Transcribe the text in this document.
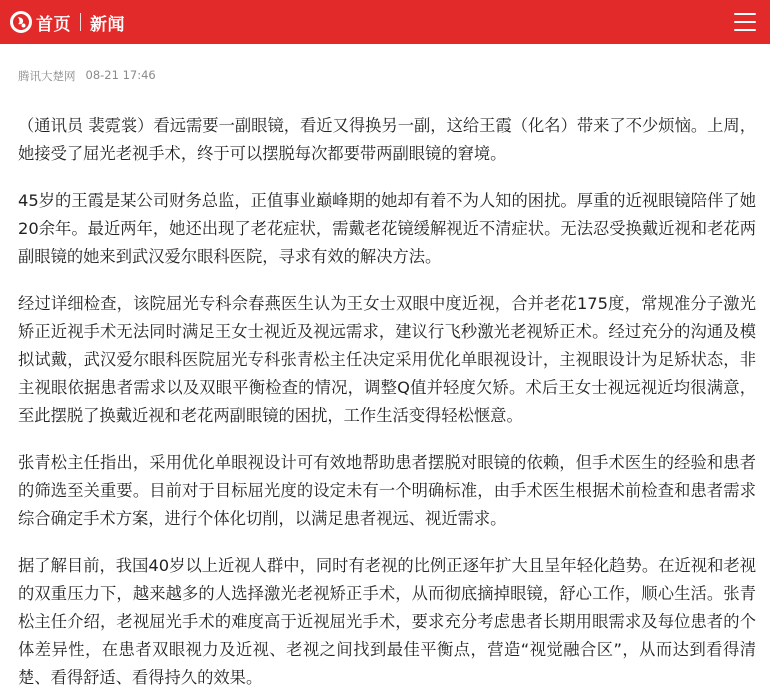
首页 新闻
腾讯大楚网 08-21 17:46

（通讯员 裴霓裳）看远需要一副眼镜，看近又得换另一副，这给王霞（化名）带来了不少烦恼。上周，她接受了屈光老视手术，终于可以摆脱每次都要带两副眼镜的窘境。

45岁的王霞是某公司财务总监，正值事业巅峰期的她却有着不为人知的困扰。厚重的近视眼镜陪伴了她20余年。最近两年，她还出现了老花症状，需戴老花镜缓解视近不清症状。无法忍受换戴近视和老花两副眼镜的她来到武汉爱尔眼科医院，寻求有效的解决方法。

经过详细检查，该院屈光专科佘春燕医生认为王女士双眼中度近视，合并老花175度，常规准分子激光矫正近视手术无法同时满足王女士视近及视远需求，建议行飞秒激光老视矫正术。经过充分的沟通及模拟试戴，武汉爱尔眼科医院屈光专科张青松主任决定采用优化单眼视设计，主视眼设计为足矫状态，非主视眼依据患者需求以及双眼平衡检查的情况，调整Q值并轻度欠矫。术后王女士视远视近均很满意，至此摆脱了换戴近视和老花两副眼镜的困扰，工作生活变得轻松惬意。

张青松主任指出，采用优化单眼视设计可有效地帮助患者摆脱对眼镜的依赖，但手术医生的经验和患者的筛选至关重要。目前对于目标屈光度的设定未有一个明确标准，由手术医生根据术前检查和患者需求综合确定手术方案，进行个体化切削，以满足患者视远、视近需求。

据了解目前，我国40岁以上近视人群中，同时有老视的比例正逐年扩大且呈年轻化趋势。在近视和老视的双重压力下，越来越多的人选择激光老视矫正手术，从而彻底摘掉眼镜，舒心工作，顺心生活。张青松主任介绍，老视屈光手术的难度高于近视屈光手术，要求充分考虑患者长期用眼需求及每位患者的个体差异性，在患者双眼视力及近视、老视之间找到最佳平衡点，营造“视觉融合区”，从而达到看得清楚、看得舒适、看得持久的效果。
